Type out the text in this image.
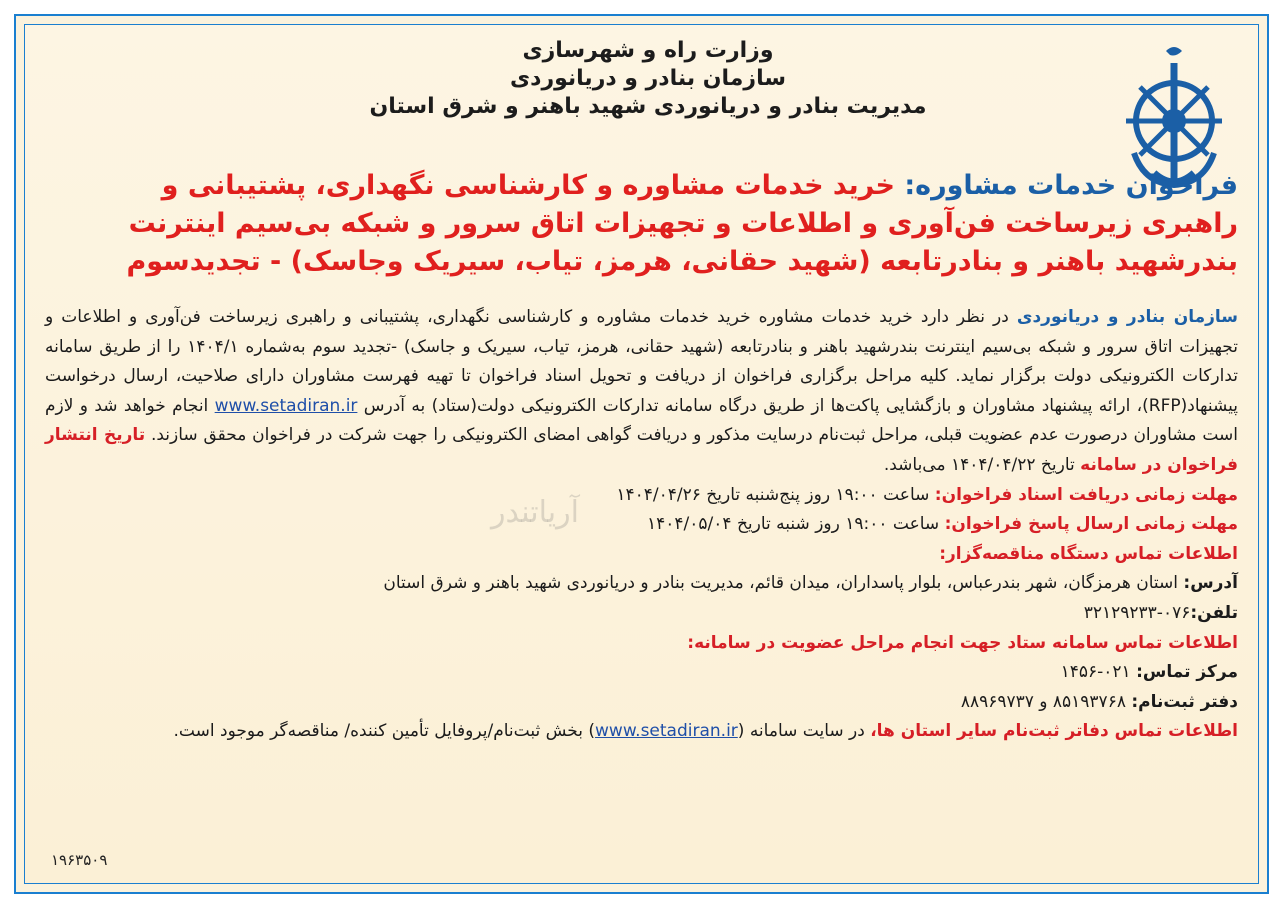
آریاتندر
وزارت راه و شهرسازی
سازمان بنادر و دریانوردی
مدیریت بنادر و دریانوردی شهید باهنر و شرق استان
فراخوان خدمات مشاوره: خرید خدمات مشاوره و کارشناسی نگهداری، پشتیبانی و
راهبری زیرساخت فن‌آوری و اطلاعات و تجهیزات اتاق سرور و شبکه بی‌سیم اینترنت
بندرشهید باهنر و بنادرتابعه (شهید حقانی، هرمز، تیاب، سیریک وجاسک) - تجدیدسوم
سازمان بنادر و دریانوردی در نظر دارد خرید خدمات مشاوره خرید خدمات مشاوره و کارشناسی نگهداری، پشتیبانی و راهبری زیرساخت فن‌آوری و اطلاعات و تجهیزات اتاق سرور و شبکه بی‌سیم اینترنت بندرشهید باهنر و بنادرتابعه (شهید حقانی، هرمز، تیاب، سیریک و جاسک) -تجدید سوم به‌شماره ۱۴۰۴/۱ را از طریق سامانه تدارکات الکترونیکی دولت برگزار نماید. کلیه مراحل برگزاری فراخوان از دریافت و تحویل اسناد فراخوان تا تهیه فهرست مشاوران دارای صلاحیت، ارسال درخواست پیشنهاد(RFP)، ارائه پیشنهاد مشاوران و بازگشایی پاکت‌ها از طریق درگاه سامانه تدارکات الکترونیکی دولت(ستاد) به آدرس www.setadiran.ir انجام خواهد شد و لازم است مشاوران درصورت عدم عضویت قبلی، مراحل ثبت‌نام درسایت مذکور و دریافت گواهی امضای الکترونیکی را جهت شرکت در فراخوان محقق سازند. تاریخ انتشار فراخوان در سامانه تاریخ ۱۴۰۴/۰۴/۲۲ می‌باشد.
مهلت زمانی دریافت اسناد فراخوان: ساعت ۱۹:۰۰ روز پنج‌شنبه تاریخ ۱۴۰۴/۰۴/۲۶
مهلت زمانی ارسال پاسخ فراخوان: ساعت ۱۹:۰۰ روز شنبه تاریخ ۱۴۰۴/۰۵/۰۴
اطلاعات تماس دستگاه مناقصه‌گزار:
آدرس: استان هرمزگان، شهر بندرعباس، بلوار پاسداران، میدان قائم، مدیریت بنادر و دریانوردی شهید باهنر و شرق استان
تلفن:۰۷۶-۳۲۱۲۹۲۳۳
اطلاعات تماس سامانه ستاد جهت انجام مراحل عضویت در سامانه:
مرکز تماس: ۰۲۱-۱۴۵۶
دفتر ثبت‌نام: ۸۵۱۹۳۷۶۸ و ۸۸۹۶۹۷۳۷
اطلاعات تماس دفاتر ثبت‌نام سایر استان ها، در سایت سامانه (www.setadiran.ir) بخش ثبت‌نام/پروفایل تأمین کننده/ مناقصه‌گر موجود است.
۱۹۶۳۵۰۹
